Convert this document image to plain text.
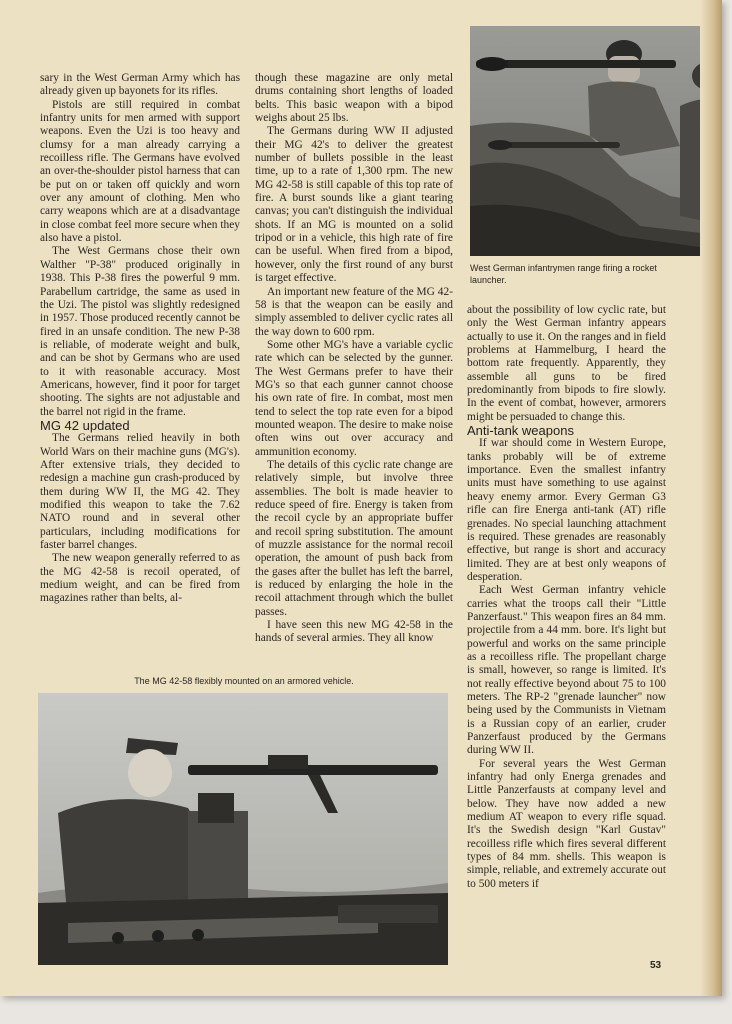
sary in the West German Army which has already given up bayonets for its rifles.

Pistols are still required in combat infantry units for men armed with support weapons. Even the Uzi is too heavy and clumsy for a man already carrying a recoilless rifle. The Germans have evolved an over-the-shoulder pistol harness that can be put on or taken off quickly and worn over any amount of clothing. Men who carry weapons which are at a disadvantage in close combat feel more secure when they also have a pistol.

The West Germans chose their own Walther "P-38" produced originally in 1938. This P-38 fires the powerful 9 mm. Parabellum cartridge, the same as used in the Uzi. The pistol was slightly redesigned in 1957. Those produced recently cannot be fired in an unsafe condition. The new P-38 is reliable, of moderate weight and bulk, and can be shot by Germans who are used to it with reasonable accuracy. Most Americans, however, find it poor for target shooting. The sights are not adjustable and the barrel not rigid in the frame.

MG 42 updated

The Germans relied heavily in both World Wars on their machine guns (MG's). After extensive trials, they decided to redesign a machine gun crash-produced by them during WW II, the MG 42. They modified this weapon to take the 7.62 NATO round and in several other particulars, including modifications for faster barrel changes.

The new weapon generally referred to as the MG 42-58 is recoil operated, of medium weight, and can be fired from magazines rather than belts, al-

though these magazine are only metal drums containing short lengths of loaded belts. This basic weapon with a bipod weighs about 25 lbs.

The Germans during WW II adjusted their MG 42's to deliver the greatest number of bullets possible in the least time, up to a rate of 1,300 rpm. The new MG 42-58 is still capable of this top rate of fire. A burst sounds like a giant tearing canvas; you can't distinguish the individual shots. If an MG is mounted on a solid tripod or in a vehicle, this high rate of fire can be useful. When fired from a bipod, however, only the first round of any burst is target effective.

An important new feature of the MG 42-58 is that the weapon can be easily and simply assembled to deliver cyclic rates all the way down to 600 rpm.

Some other MG's have a variable cyclic rate which can be selected by the gunner. The West Germans prefer to have their MG's so that each gunner cannot choose his own rate of fire. In combat, most men tend to select the top rate even for a bipod mounted weapon. The desire to make noise often wins out over accuracy and ammunition economy.

The details of this cyclic rate change are relatively simple, but involve three assemblies. The bolt is made heavier to reduce speed of fire. Energy is taken from the recoil cycle by an appropriate buffer and recoil spring substitution. The amount of muzzle assistance for the normal recoil operation, the amount of push back from the gases after the bullet has left the barrel, is reduced by enlarging the hole in the recoil attachment through which the bullet passes.

I have seen this new MG 42-58 in the hands of several armies. They all know

about the possibility of low cyclic rate, but only the West German infantry appears actually to use it. On the ranges and in field problems at Hammelburg, I heard the bottom rate frequently. Apparently, they assemble all guns to be fired predominantly from bipods to fire slowly. In the event of combat, however, armorers might be persuaded to change this.

Anti-tank weapons

If war should come in Western Europe, tanks probably will be of extreme importance. Even the smallest infantry units must have something to use against heavy enemy armor. Every German G3 rifle can fire Energa anti-tank (AT) rifle grenades. No special launching attachment is required. These grenades are reasonably effective, but range is short and accuracy limited. They are at best only weapons of desperation.

Each West German infantry vehicle carries what the troops call their "Little Panzerfaust." This weapon fires an 84 mm. projectile from a 44 mm. bore. It's light but powerful and works on the same principle as a recoilless rifle. The propellant charge is small, however, so range is limited. It's not really effective beyond about 75 to 100 meters. The RP-2 "grenade launcher" now being used by the Communists in Vietnam is a Russian copy of an earlier, cruder Panzerfaust produced by the Germans during WW II.

For several years the West German infantry had only Energa grenades and Little Panzerfausts at company level and below. They have now added a new medium AT weapon to every rifle squad. It's the Swedish design "Karl Gustav" recoilless rifle which fires several different types of 84 mm. shells. This weapon is simple, reliable, and extremely accurate out to 500 meters if

West German infantrymen range firing a rocket launcher.
The MG 42-58 flexibly mounted on an armored vehicle.
53
